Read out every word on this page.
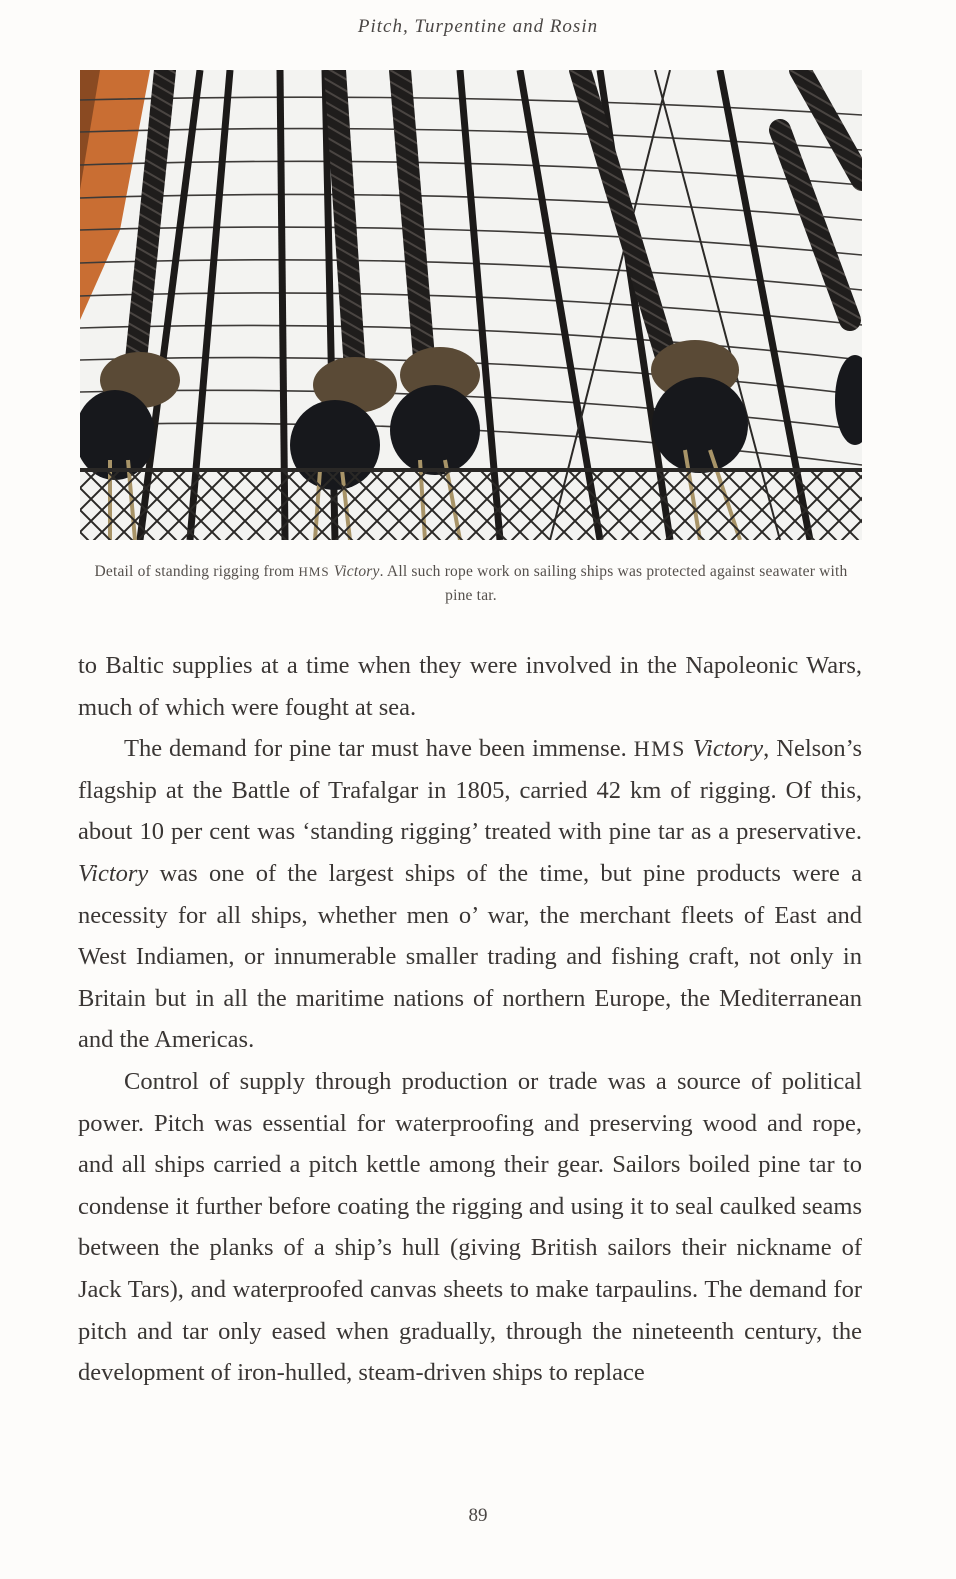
Pitch, Turpentine and Rosin
Detail of standing rigging from HMS Victory. All such rope work on sailing ships was protected against seawater with pine tar.

to Baltic supplies at a time when they were involved in the Napoleonic Wars, much of which were fought at sea.

The demand for pine tar must have been immense. HMS Victory, Nelson’s flagship at the Battle of Trafalgar in 1805, carried 42 km of rigging. Of this, about 10 per cent was ‘standing rigging’ treated with pine tar as a preservative. Victory was one of the largest ships of the time, but pine products were a necessity for all ships, whether men o’ war, the merchant fleets of East and West Indiamen, or innumerable smaller trading and fishing craft, not only in Britain but in all the maritime nations of northern Europe, the Mediterranean and the Americas.

Control of supply through production or trade was a source of political power. Pitch was essential for waterproofing and preserving wood and rope, and all ships carried a pitch kettle among their gear. Sailors boiled pine tar to condense it further before coating the rigging and using it to seal caulked seams between the planks of a ship’s hull (giving British sailors their nickname of Jack Tars), and waterproofed canvas sheets to make tarpaulins. The demand for pitch and tar only eased when gradually, through the nineteenth century, the development of iron-hulled, steam-driven ships to replace

89
